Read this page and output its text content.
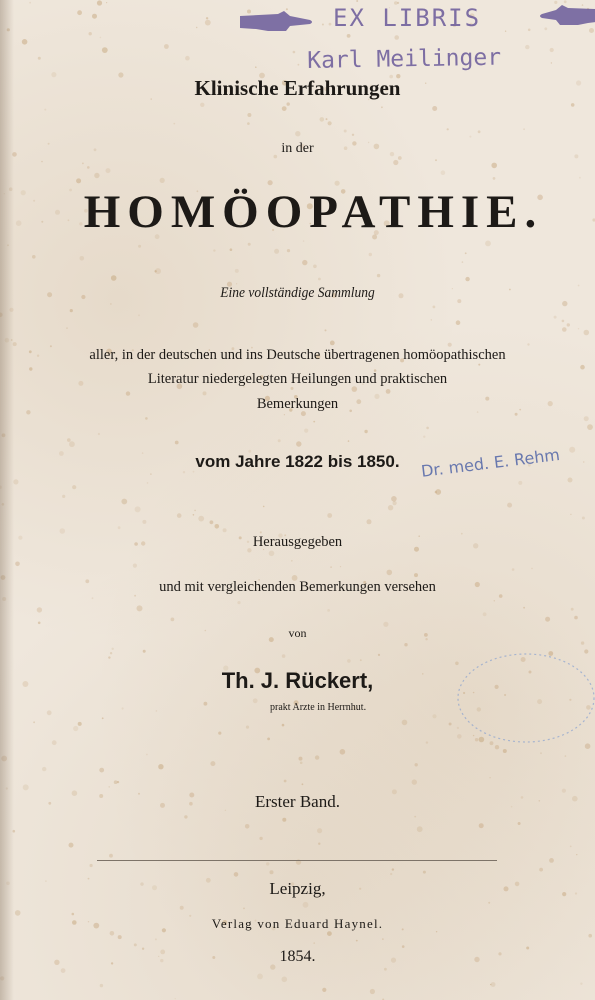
EX LIBRIS
Karl Meilinger
Klinische Erfahrungen
in der
HOMÖOPATHIE.
Eine vollständige Sammlung
aller, in der deutschen und ins Deutsche übertragenen homöopathischen
Literatur niedergelegten Heilungen und praktischen
Bemerkungen
vom Jahre 1822 bis 1850.	Dr. med. E. Rehm
Herausgegeben
und mit vergleichenden Bemerkungen versehen
von
Th. J. Rückert,
prakt Arzte in Herrnhut.
Erster Band.
Leipzig,
Verlag von Eduard Haynel.
1854.
